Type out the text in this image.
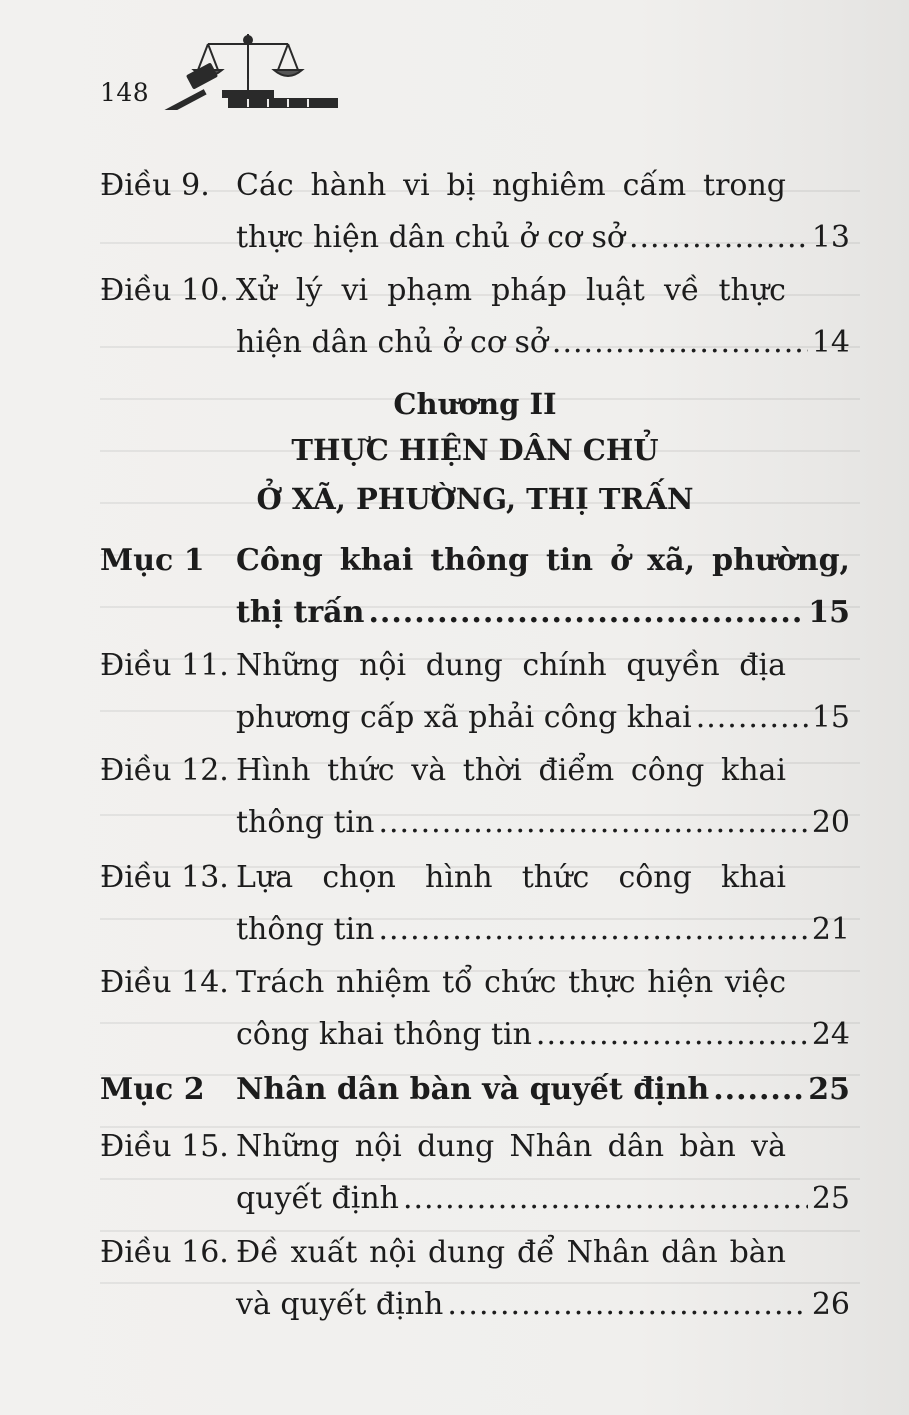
148
Điều 9. Các hành vi bị nghiêm cấm trong
thực hiện dân chủ ở cơ sở .....	13
Điều 10. Xử lý vi phạm pháp luật về thực
hiện dân chủ ở cơ sở .....	14
Chương II
THỰC HIỆN DÂN CHỦ
Ở XÃ, PHƯỜNG, THỊ TRẤN
Mục 1 Công khai thông tin ở xã, phường,
thị trấn .....	15
Điều 11. Những nội dung chính quyền địa
phương cấp xã phải công khai .....	15
Điều 12. Hình thức và thời điểm công khai
thông tin .....	20
Điều 13. Lựa chọn hình thức công khai
thông tin .....	21
Điều 14. Trách nhiệm tổ chức thực hiện việc
công khai thông tin .....	24
Mục 2 Nhân dân bàn và quyết định .....	25
Điều 15. Những nội dung Nhân dân bàn và
quyết định .....	25
Điều 16. Đề xuất nội dung để Nhân dân bàn
và quyết định .....	26
